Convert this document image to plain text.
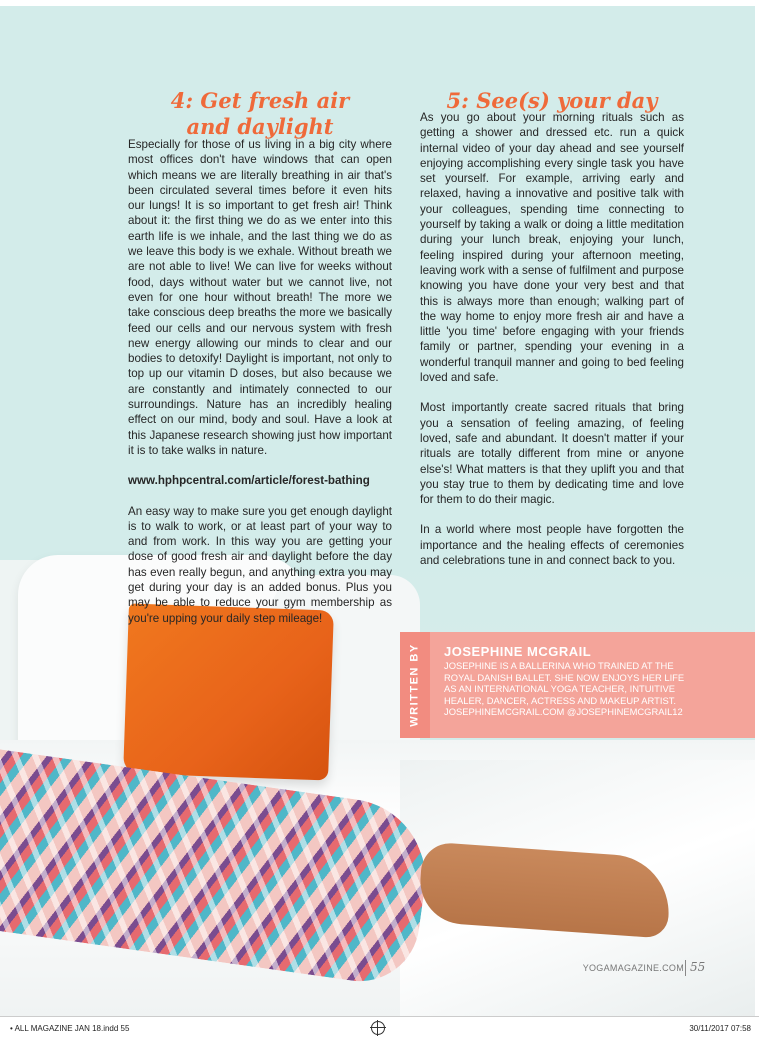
4: Get fresh air and daylight
5: See(s) your day

Especially for those of us living in a big city where most offices don't have windows that can open which means we are literally breathing in air that's been circulated several times before it even hits our lungs! It is so important to get fresh air! Think about it: the first thing we do as we enter into this earth life is we inhale, and the last thing we do as we leave this body is we exhale. Without breath we are not able to live! We can live for weeks without food, days without water but we cannot live, not even for one hour without breath! The more we take conscious deep breaths the more we basically feed our cells and our nervous system with fresh new energy allowing our minds to clear and our bodies to detoxify! Daylight is important, not only to top up our vitamin D doses, but also because we are constantly and intimately connected to our surroundings. Nature has an incredibly healing effect on our mind, body and soul. Have a look at this Japanese research showing just how important it is to take walks in nature.

www.hphpcentral.com/article/forest-bathing

An easy way to make sure you get enough daylight is to walk to work, or at least part of your way to and from work. In this way you are getting your dose of good fresh air and daylight before the day has even really begun, and anything extra you may get during your day is an added bonus. Plus you may be able to reduce your gym membership as you're upping your daily step mileage!

As you go about your morning rituals such as getting a shower and dressed etc. run a quick internal video of your day ahead and see yourself enjoying accomplishing every single task you have set yourself. For example, arriving early and relaxed, having a innovative and positive talk with your colleagues, spending time connecting to yourself by taking a walk or doing a little meditation during your lunch break, enjoying your lunch, feeling inspired during your afternoon meeting, leaving work with a sense of fulfilment and purpose knowing you have done your very best and that this is always more than enough; walking part of the way home to enjoy more fresh air and have a little 'you time' before engaging with your friends family or partner, spending your evening in a wonderful tranquil manner and going to bed feeling loved and safe.

Most importantly create sacred rituals that bring you a sensation of feeling amazing, of feeling loved, safe and abundant. It doesn't matter if your rituals are totally different from mine or anyone else's! What matters is that they uplift you and that you stay true to them by dedicating time and love for them to do their magic.

In a world where most people have forgotten the importance and the healing effects of ceremonies and celebrations tune in and connect back to you.

WRITTEN BY JOSEPHINE MCGRAIL

JOSEPHINE IS A BALLERINA WHO TRAINED AT THE ROYAL DANISH BALLET. SHE NOW ENJOYS HER LIFE AS AN INTERNATIONAL YOGA TEACHER, INTUITIVE HEALER, DANCER, ACTRESS AND MAKEUP ARTIST. JOSEPHINEMCGRAIL.COM @JOSEPHINEMCGRAIL12

YOGAMAGAZINE.COM 55
• ALL MAGAZINE JAN 18.indd 55	30/11/2017 07:58
